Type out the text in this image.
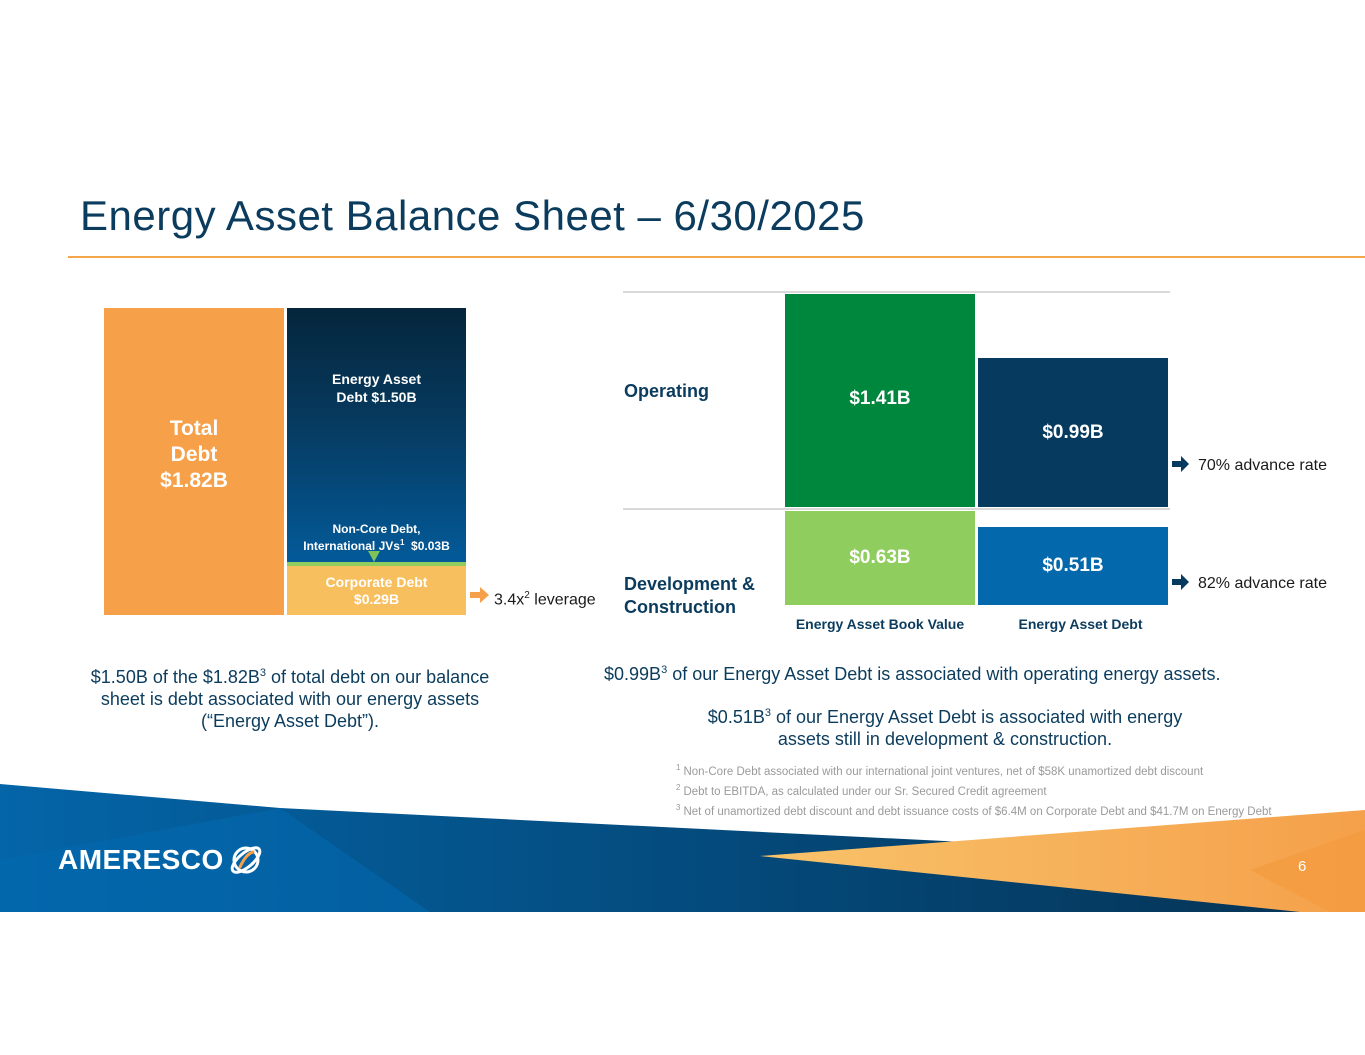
Energy Asset Balance Sheet – 6/30/2025
Total
Debt
$1.82B
Energy Asset
Debt $1.50B
Non-Core Debt,
International JVs$^1$  $0.03B
Corporate Debt
$0.29B	$3.4x^2$ leverage

$1.50B of the $\$1.82B^3$ of total debt on our balance sheet is debt associated with our energy assets (“Energy Asset Debt”).

Operating
Development &
Construction
$1.41B
$0.99B
$0.63B	$0.51B
Energy Asset Book Value	Energy Asset Debt
70% advance rate
82% advance rate

$\$0.99B^3$ of our Energy Asset Debt is associated with operating energy assets.

$\$0.51B^3$ of our Energy Asset Debt is associated with energy assets still in development & construction.

$^1$ Non-Core Debt associated with our international joint ventures, net of $58K unamortized debt discount
$^2$ Debt to EBITDA, as calculated under our Sr. Secured Credit agreement
$^3$ Net of unamortized debt discount and debt issuance costs of $6.4M on Corporate Debt and $41.7M on Energy Debt
AMERESCO	6
